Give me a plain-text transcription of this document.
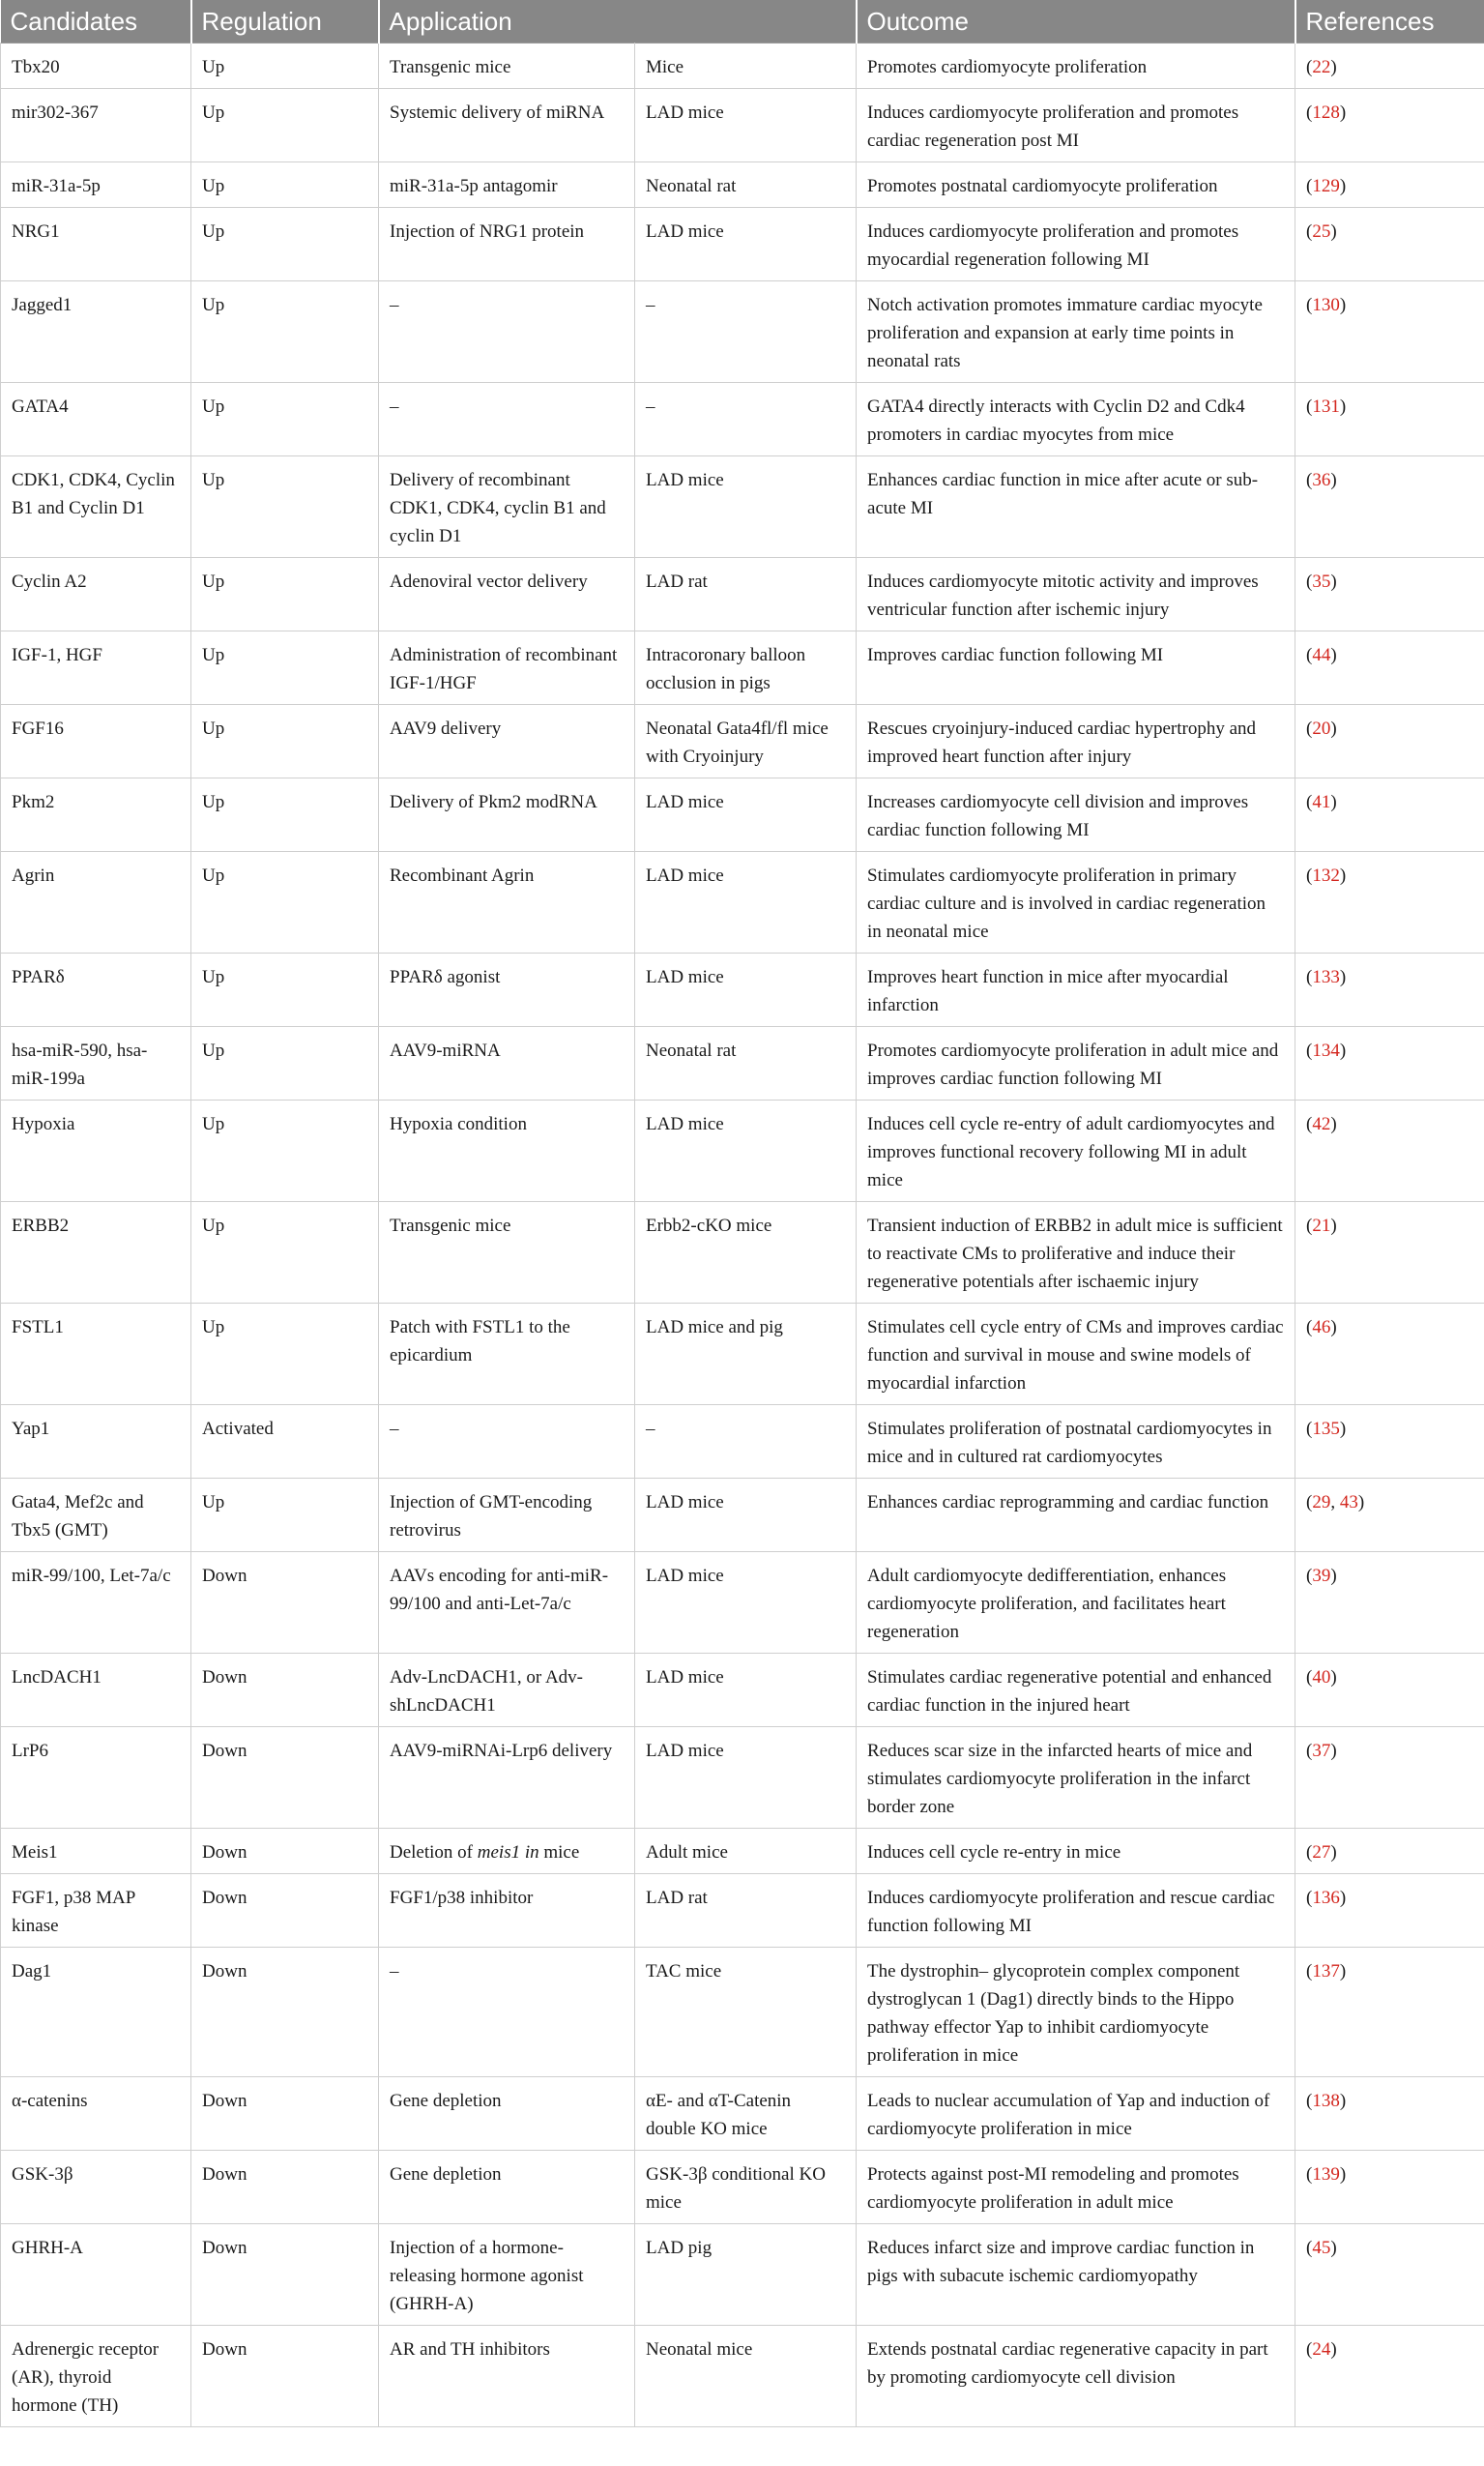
Candidates	Regulation	Application		Outcome	References
Tbx20	Up	Transgenic mice	Mice	Promotes cardiomyocyte proliferation	(22)
mir302-367	Up	Systemic delivery of miRNA	LAD mice	Induces cardiomyocyte proliferation and promotes cardiac regeneration post MI	(128)
miR-31a-5p	Up	miR-31a-5p antagomir	Neonatal rat	Promotes postnatal cardiomyocyte proliferation	(129)
NRG1	Up	Injection of NRG1 protein	LAD mice	Induces cardiomyocyte proliferation and promotes myocardial regeneration following MI	(25)
Jagged1	Up	–	–	Notch activation promotes immature cardiac myocyte proliferation and expansion at early time points in neonatal rats	(130)
GATA4	Up	–	–	GATA4 directly interacts with Cyclin D2 and Cdk4 promoters in cardiac myocytes from mice	(131)
CDK1, CDK4, Cyclin B1 and Cyclin D1	Up	Delivery of recombinant CDK1, CDK4, cyclin B1 and cyclin D1	LAD mice	Enhances cardiac function in mice after acute or sub-acute MI	(36)
Cyclin A2	Up	Adenoviral vector delivery	LAD rat	Induces cardiomyocyte mitotic activity and improves ventricular function after ischemic injury	(35)
IGF-1, HGF	Up	Administration of recombinant IGF-1/HGF	Intracoronary balloon occlusion in pigs	Improves cardiac function following MI	(44)
FGF16	Up	AAV9 delivery	Neonatal Gata4fl/fl mice with Cryoinjury	Rescues cryoinjury-induced cardiac hypertrophy and improved heart function after injury	(20)
Pkm2	Up	Delivery of Pkm2 modRNA	LAD mice	Increases cardiomyocyte cell division and improves cardiac function following MI	(41)
Agrin	Up	Recombinant Agrin	LAD mice	Stimulates cardiomyocyte proliferation in primary cardiac culture and is involved in cardiac regeneration in neonatal mice	(132)
PPARδ	Up	PPARδ agonist	LAD mice	Improves heart function in mice after myocardial infarction	(133)
hsa-miR-590, hsa-miR-199a	Up	AAV9-miRNA	Neonatal rat	Promotes cardiomyocyte proliferation in adult mice and improves cardiac function following MI	(134)
Hypoxia	Up	Hypoxia condition	LAD mice	Induces cell cycle re-entry of adult cardiomyocytes and improves functional recovery following MI in adult mice	(42)
ERBB2	Up	Transgenic mice	Erbb2-cKO mice	Transient induction of ERBB2 in adult mice is sufficient to reactivate CMs to proliferative and induce their regenerative potentials after ischaemic injury	(21)
FSTL1	Up	Patch with FSTL1 to the epicardium	LAD mice and pig	Stimulates cell cycle entry of CMs and improves cardiac function and survival in mouse and swine models of myocardial infarction	(46)
Yap1	Activated	–	–	Stimulates proliferation of postnatal cardiomyocytes in mice and in cultured rat cardiomyocytes	(135)
Gata4, Mef2c and Tbx5 (GMT)	Up	Injection of GMT-encoding retrovirus	LAD mice	Enhances cardiac reprogramming and cardiac function	(29, 43)
miR-99/100, Let-7a/c	Down	AAVs encoding for anti-miR-99/100 and anti-Let-7a/c	LAD mice	Adult cardiomyocyte dedifferentiation, enhances cardiomyocyte proliferation, and facilitates heart regeneration	(39)
LncDACH1	Down	Adv-LncDACH1, or Adv-shLncDACH1	LAD mice	Stimulates cardiac regenerative potential and enhanced cardiac function in the injured heart	(40)
LrP6	Down	AAV9-miRNAi-Lrp6 delivery	LAD mice	Reduces scar size in the infarcted hearts of mice and stimulates cardiomyocyte proliferation in the infarct border zone	(37)
Meis1	Down	Deletion of meis1 in mice	Adult mice	Induces cell cycle re-entry in mice	(27)
FGF1, p38 MAP kinase	Down	FGF1/p38 inhibitor	LAD rat	Induces cardiomyocyte proliferation and rescue cardiac function following MI	(136)
Dag1	Down	–	TAC mice	The dystrophin– glycoprotein complex component dystroglycan 1 (Dag1) directly binds to the Hippo pathway effector Yap to inhibit cardiomyocyte proliferation in mice	(137)
α-catenins	Down	Gene depletion	αE- and αT-Catenin double KO mice	Leads to nuclear accumulation of Yap and induction of cardiomyocyte proliferation in mice	(138)
GSK-3β	Down	Gene depletion	GSK-3β conditional KO mice	Protects against post-MI remodeling and promotes cardiomyocyte proliferation in adult mice	(139)
GHRH-A	Down	Injection of a hormone-releasing hormone agonist (GHRH-A)	LAD pig	Reduces infarct size and improve cardiac function in pigs with subacute ischemic cardiomyopathy	(45)
Adrenergic receptor (AR), thyroid hormone (TH)	Down	AR and TH inhibitors	Neonatal mice	Extends postnatal cardiac regenerative capacity in part by promoting cardiomyocyte cell division	(24)
